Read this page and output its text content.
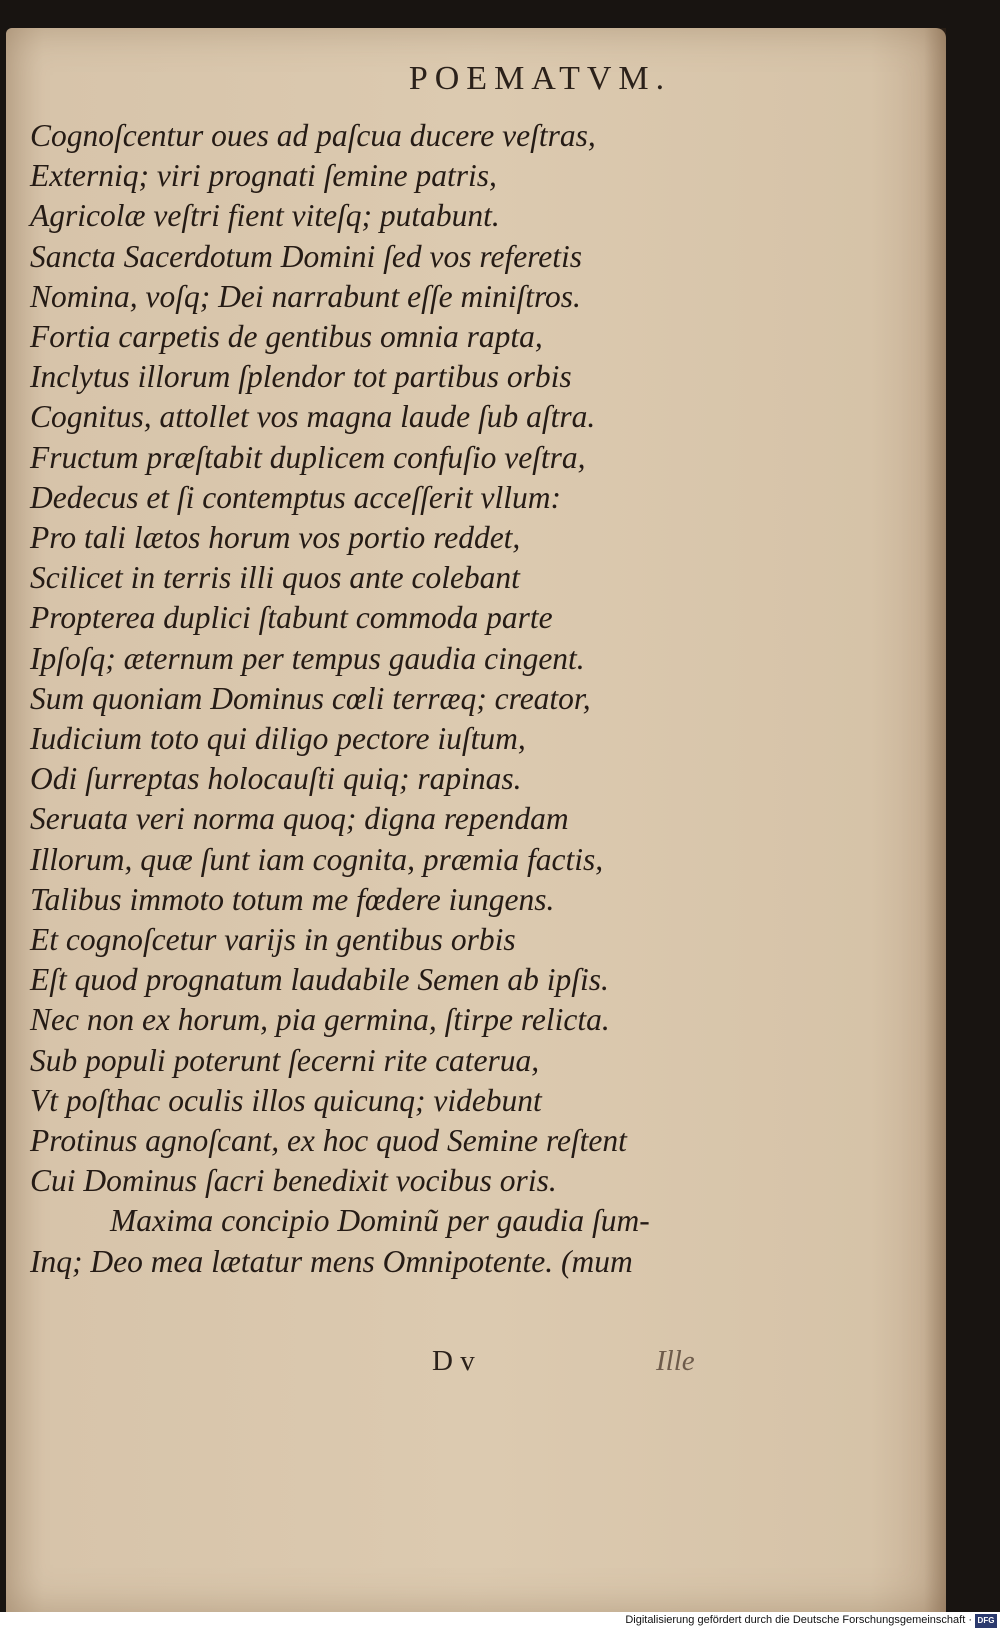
POEMATVM.
Cognoſcentur oues ad paſcua ducere veſtras,
Externiq; viri prognati ſemine patris,
Agricolæ veſtri fient viteſq; putabunt.
Sancta Sacerdotum Domini ſed vos referetis
Nomina, voſq; Dei narrabunt eſſe miniſtros.
Fortia carpetis de gentibus omnia rapta,
Inclytus illorum ſplendor tot partibus orbis
Cognitus, attollet vos magna laude ſub aſtra.
Fructum præſtabit duplicem confuſio veſtra,
Dedecus et ſi contemptus acceſſerit vllum:
Pro tali lætos horum vos portio reddet,
Scilicet in terris illi quos ante colebant
Propterea duplici ſtabunt commoda parte
Ipſoſq; æternum per tempus gaudia cingent.
Sum quoniam Dominus cœli terræq; creator,
Iudicium toto qui diligo pectore iuſtum,
Odi ſurreptas holocauſti quiq; rapinas.
Seruata veri norma quoq; digna rependam
Illorum, quæ ſunt iam cognita, præmia factis,
Talibus immoto totum me fœdere iungens.
Et cognoſcetur varijs in gentibus orbis
Eſt quod prognatum laudabile Semen ab ipſis.
Nec non ex horum, pia germina, ſtirpe relicta.
Sub populi poterunt ſecerni rite caterua,
Vt poſthac oculis illos quicunq; videbunt
Protinus agnoſcant, ex hoc quod Semine reſtent
Cui Dominus ſacri benedixit vocibus oris.
Maxima concipio Dominũ per gaudia ſum-
Inq; Deo mea lætatur mens Omnipotente. (mum
D v	Ille
Digitalisierung gefördert durch die Deutsche Forschungsgemeinschaft · DFG
